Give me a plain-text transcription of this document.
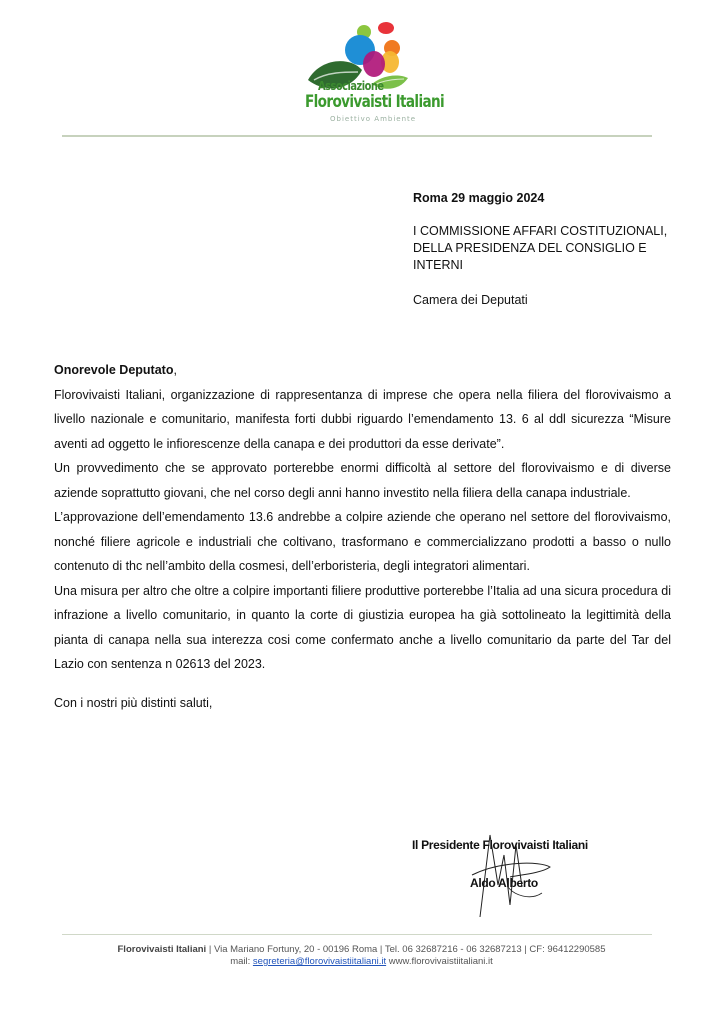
Associazione
Florovivaisti Italiani
Obiettivo Ambiente
Roma 29 maggio 2024
I COMMISSIONE AFFARI COSTITUZIONALI,
DELLA PRESIDENZA DEL CONSIGLIO E
INTERNI
Camera dei Deputati
Onorevole Deputato,

Florovivaisti Italiani, organizzazione di rappresentanza di imprese che opera nella filiera del florovivaismo a livello nazionale e comunitario, manifesta forti dubbi riguardo l’emendamento 13. 6 al ddl sicurezza “Misure aventi ad oggetto le infiorescenze della canapa e dei produttori da esse derivate”.

Un provvedimento che se approvato porterebbe enormi difficoltà al settore del florovivaismo e di diverse aziende soprattutto giovani, che nel corso degli anni hanno investito nella filiera della canapa industriale.

L’approvazione dell’emendamento 13.6 andrebbe a colpire aziende che operano nel settore del florovivaismo, nonché filiere agricole e industriali che coltivano, trasformano e commercializzano prodotti a basso o nullo contenuto di thc nell’ambito della cosmesi, dell’erboristeria, degli integratori alimentari.

Una misura per altro che oltre a colpire importanti filiere produttive porterebbe l’Italia ad una sicura procedura di infrazione a livello comunitario, in quanto la corte di giustizia europea ha già sottolineato la legittimità della pianta di canapa nella sua interezza cosi come confermato anche a livello comunitario da parte del Tar del Lazio con sentenza n 02613 del 2023.

Con i nostri più distinti saluti,

Il Presidente Florovivaisti Italiani
Aldo Alberto
Florovivaisti Italiani | Via Mariano Fortuny, 20 - 00196 Roma | Tel. 06 32687216 - 06 32687213 | CF: 96412290585
mail: segreteria@florovivaistiitaliani.it www.florovivaistiitaliani.it
